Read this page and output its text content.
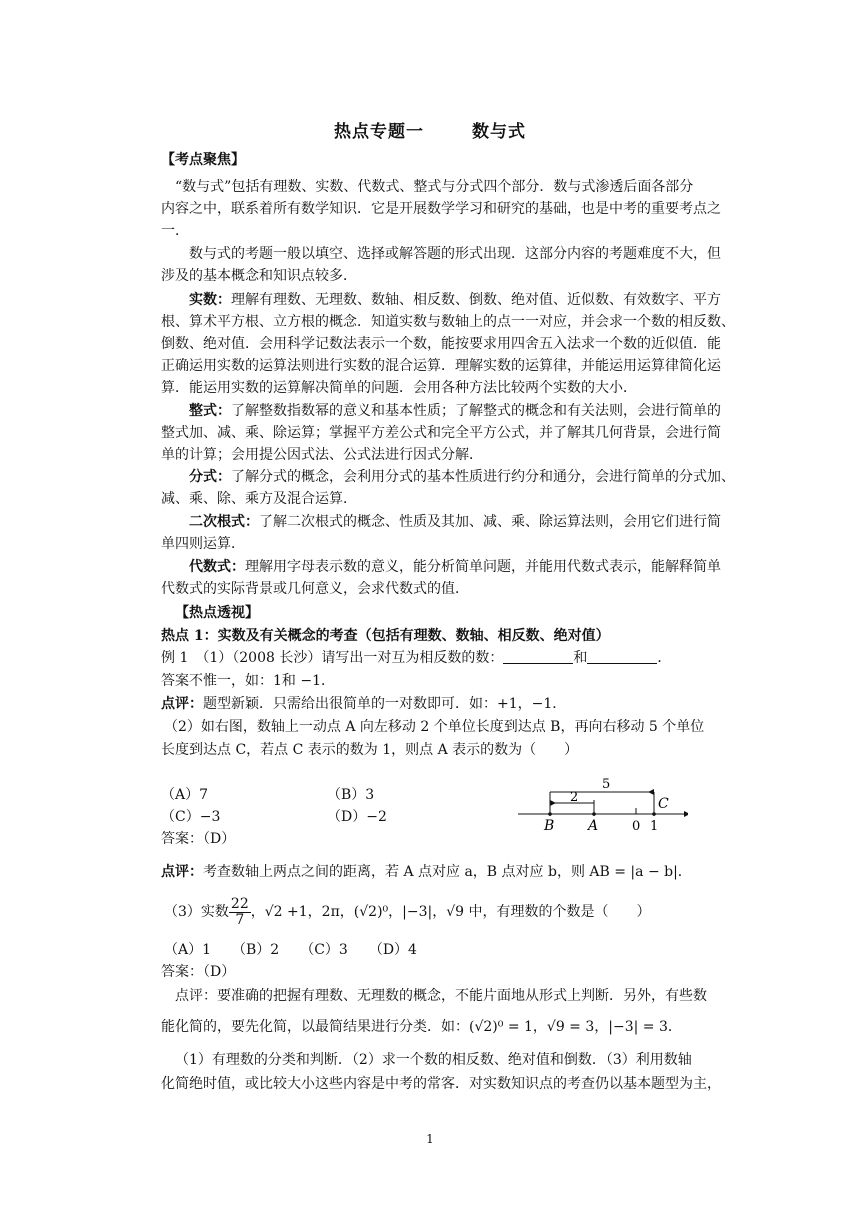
热点专题一	数与式
【考点聚焦】
“数与式”包括有理数、实数、代数式、整式与分式四个部分．数与式渗透后面各部分
内容之中，联系着所有数学知识．它是开展数学学习和研究的基础，也是中考的重要考点之
一．
数与式的考题一般以填空、选择或解答题的形式出现．这部分内容的考题难度不大，但
涉及的基本概念和知识点较多．
实数：理解有理数、无理数、数轴、相反数、倒数、绝对值、近似数、有效数字、平方
根、算术平方根、立方根的概念．知道实数与数轴上的点一一对应，并会求一个数的相反数、
倒数、绝对值．会用科学记数法表示一个数，能按要求用四舍五入法求一个数的近似值．能
正确运用实数的运算法则进行实数的混合运算．理解实数的运算律，并能运用运算律简化运
算．能运用实数的运算解决简单的问题．会用各种方法比较两个实数的大小．
整式：了解整数指数幂的意义和基本性质；了解整式的概念和有关法则，会进行简单的
整式加、减、乘、除运算；掌握平方差公式和完全平方公式，并了解其几何背景，会进行简
单的计算；会用提公因式法、公式法进行因式分解．
分式：了解分式的概念，会利用分式的基本性质进行约分和通分，会进行简单的分式加、
减、乘、除、乘方及混合运算．
二次根式：了解二次根式的概念、性质及其加、减、乘、除运算法则，会用它们进行简
单四则运算．
代数式：理解用字母表示数的意义，能分析简单问题，并能用代数式表示，能解释简单
代数式的实际背景或几何意义，会求代数式的值．
【热点透视】
热点 1：实数及有关概念的考查（包括有理数、数轴、相反数、绝对值）
例 1　（1）（2008 长沙）请写出一对互为相反数的数：	和	．
答案不惟一，如：1和 −1．
点评：题型新颖．只需给出很简单的一对数即可．如：+1，−1．
（2）如右图，数轴上一动点 A 向左移动 2 个单位长度到达点 B，再向右移动 5 个单位
长度到达点 C，若点 C 表示的数为 1，则点 A 表示的数为（　　）
（A）7	（B）3
（C）−3	（D）−2
答案：（D）
5
2	C
B A	0 1
点评：考查数轴上两点之间的距离，若 A 点对应 a，B 点对应 b，则 AB = |a − b|．
（3）实数 $\frac{22}{7}$ ，√2 +1，2π，(√2)⁰，|−3|，√9 中，有理数的个数是（　　）
（A）1　　（B）2　　（C）3　　（D）4
答案：（D）
点评：要准确的把握有理数、无理数的概念，不能片面地从形式上判断．另外，有些数
能化简的，要先化简，以最简结果进行分类．如：(√2)⁰ = 1，√9 = 3，|−3| = 3．
（1）有理数的分类和判断．（2）求一个数的相反数、绝对值和倒数．（3）利用数轴
化简绝时值，或比较大小这些内容是中考的常客．对实数知识点的考查仍以基本题型为主，
1
